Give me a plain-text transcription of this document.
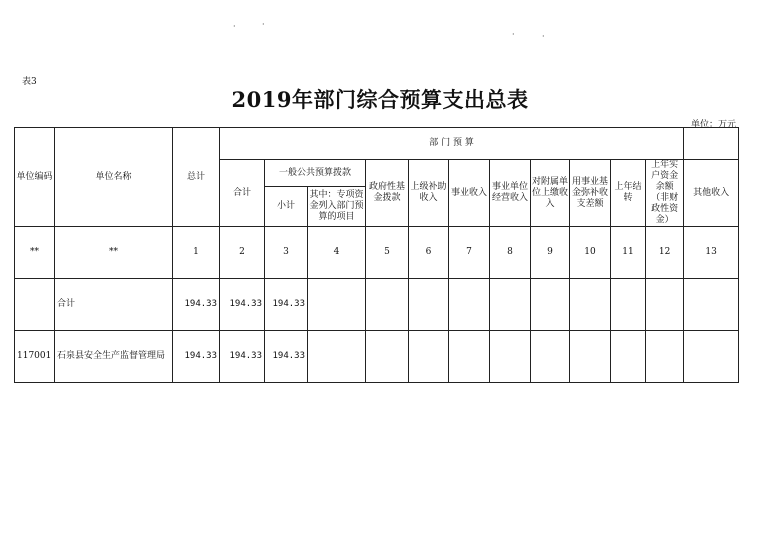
·	·
·	·
表3
2019年部门综合预算支出总表
单位：万元
单位编码	单位名称	总计	部 门 预 算											
			合计	一般公共预算拨款		政府性基金拨款	上级补助收入	事业收入	事业单位经营收入	对附属单位上缴收入	用事业基金弥补收支差额	上年结转	上年实户资金余额（非财政性资金）	其他收入
				小计	其中：专项资金列入部门预算的项目									
**	**	1	2	3	4	5	6	7	8	9	10	11	12	13
	合计	194.33	194.33	194.33										
117001	石泉县安全生产监督管理局	194.33	194.33	194.33										
